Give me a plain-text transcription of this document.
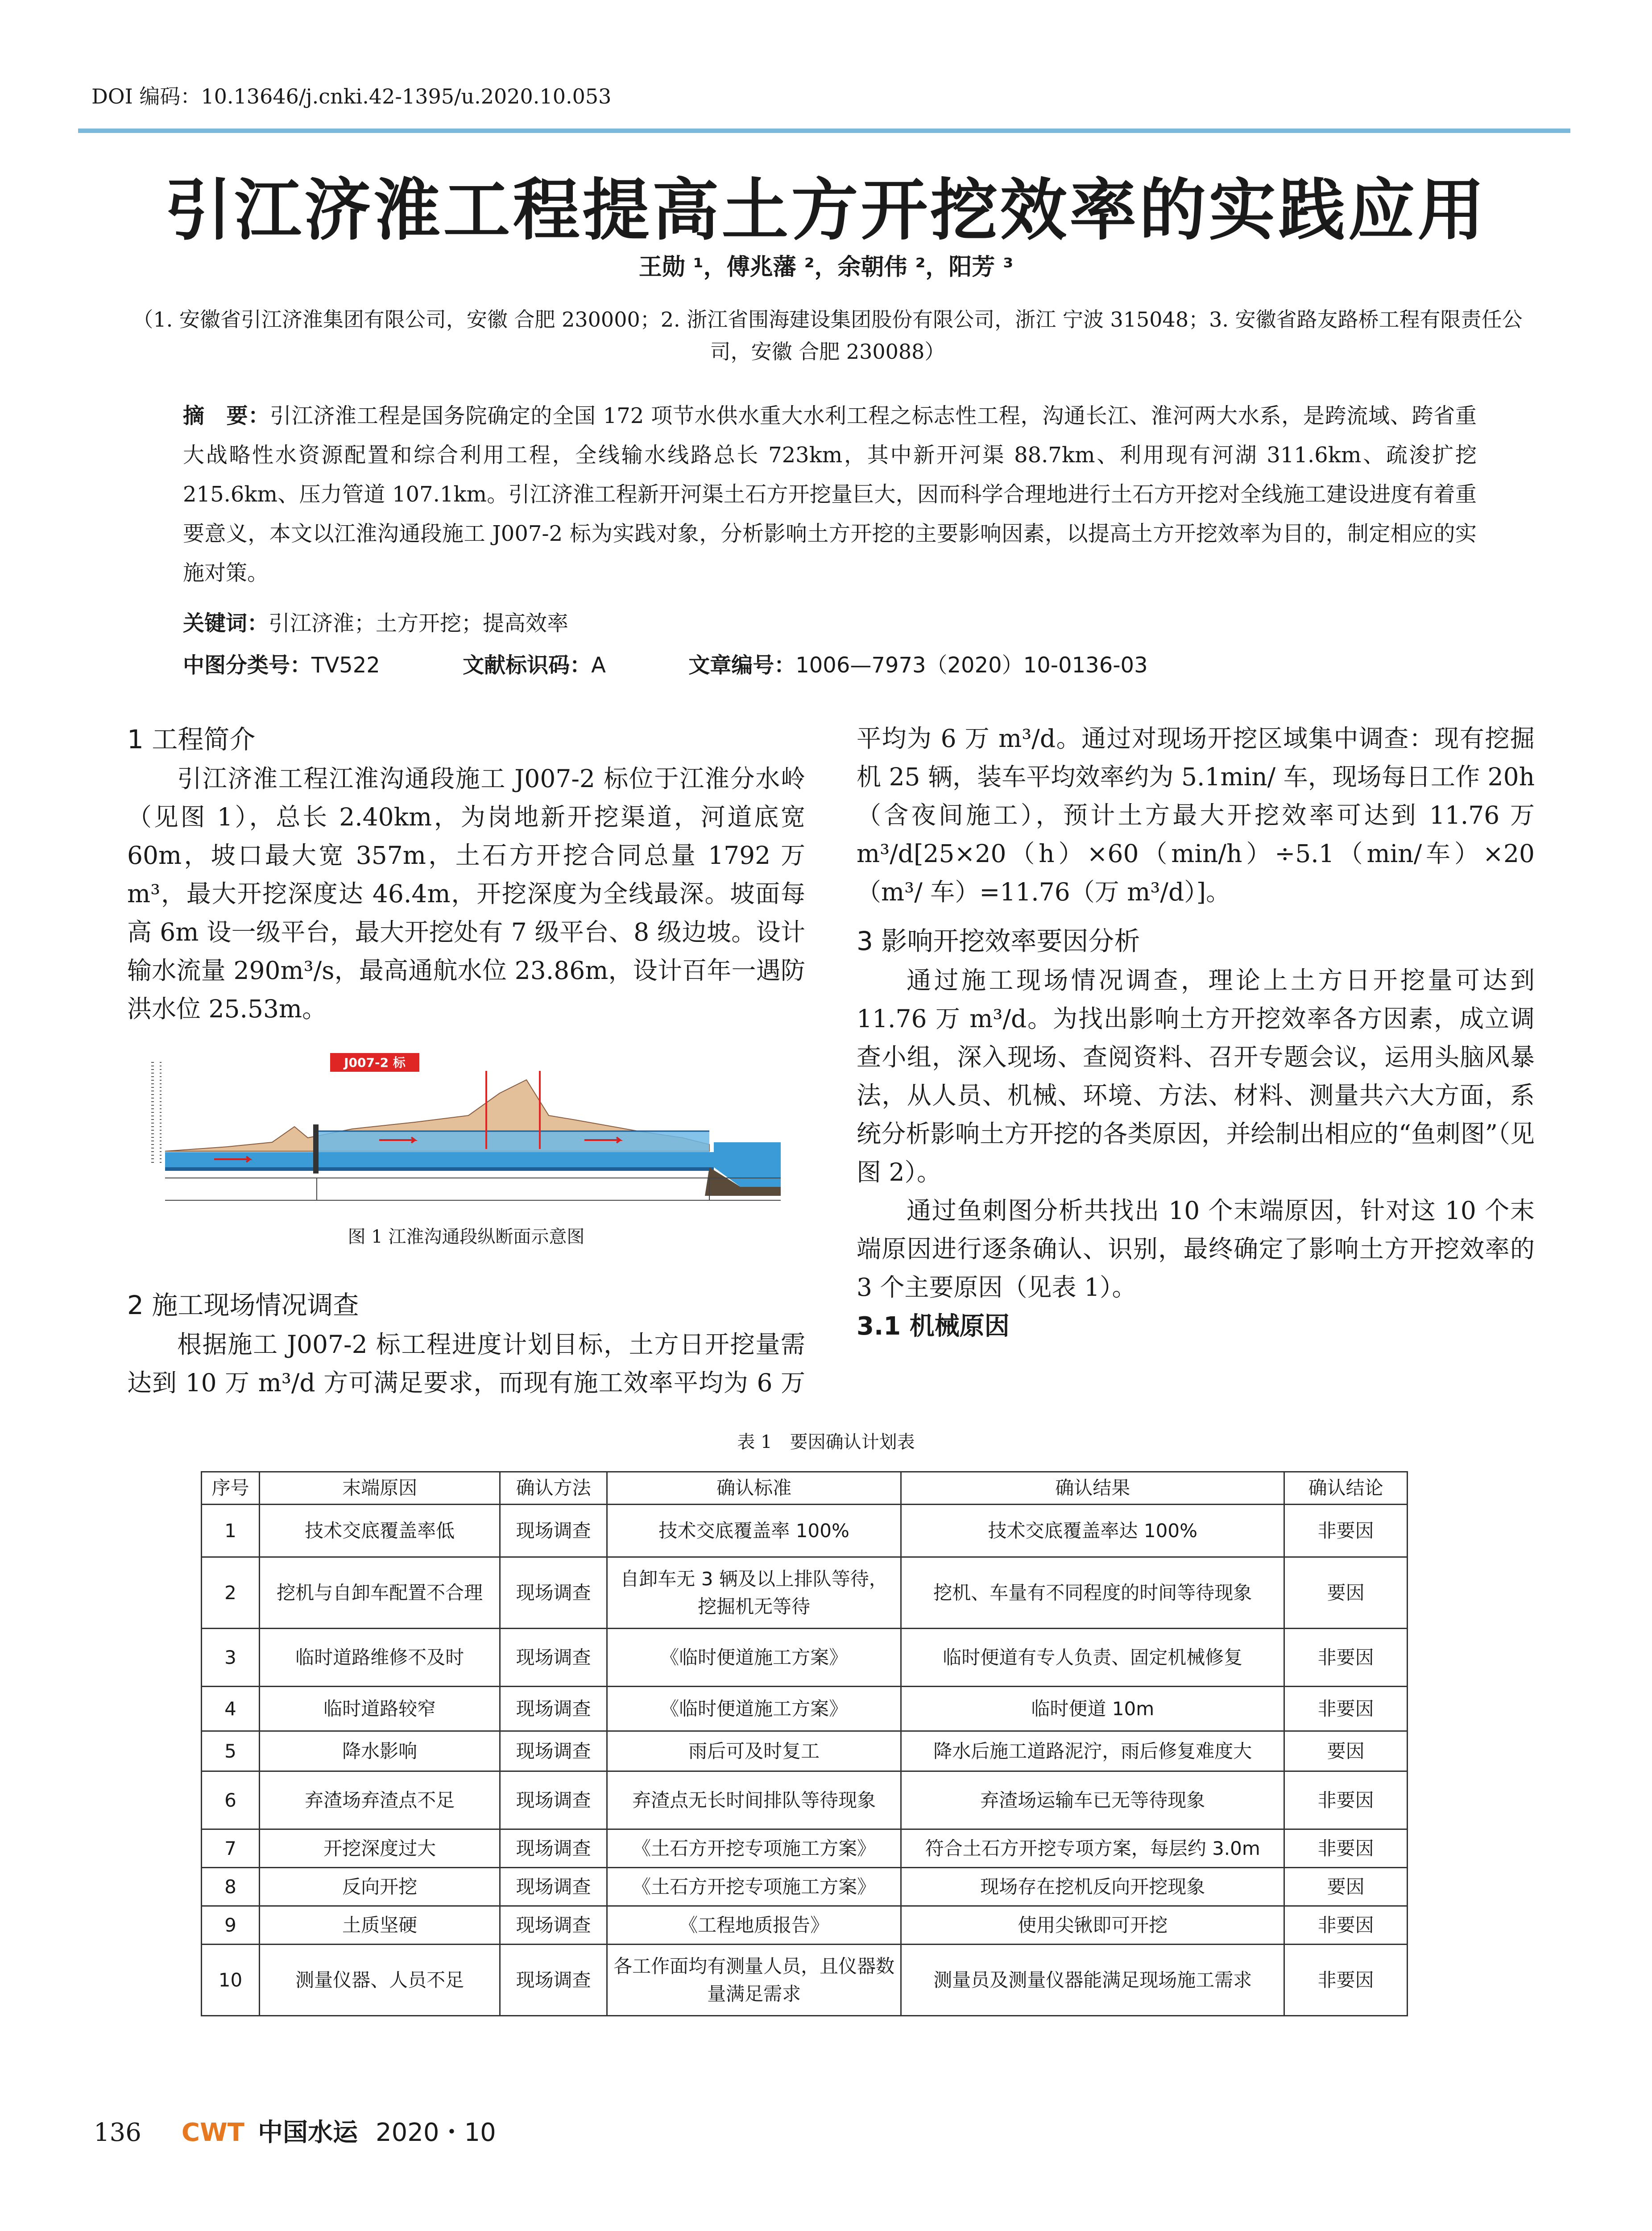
DOI 编码：10.13646/j.cnki.42-1395/u.2020.10.053
引江济淮工程提高土方开挖效率的实践应用
王勋 ¹，傅兆藩 ²，余朝伟 ²，阳芳 ³
（1. 安徽省引江济淮集团有限公司，安徽 合肥 230000；2. 浙江省围海建设集团股份有限公司，浙江 宁波 315048；3. 安徽省路友路桥工程有限责任公司，安徽 合肥 230088）
摘　要：引江济淮工程是国务院确定的全国 172 项节水供水重大水利工程之标志性工程，沟通长江、淮河两大水系，是跨流域、跨省重大战略性水资源配置和综合利用工程，全线输水线路总长 723km，其中新开河渠 88.7km、利用现有河湖 311.6km、疏浚扩挖 215.6km、压力管道 107.1km。引江济淮工程新开河渠土石方开挖量巨大，因而科学合理地进行土石方开挖对全线施工建设进度有着重要意义，本文以江淮沟通段施工 J007-2 标为实践对象，分析影响土方开挖的主要影响因素，以提高土方开挖效率为目的，制定相应的实施对策。
关键词：引江济淮；土方开挖；提高效率
中图分类号：TV522	文献标识码：A	文章编号：1006—7973（2020）10-0136-03
1 工程简介

引江济淮工程江淮沟通段施工 J007-2 标位于江淮分水岭（见图 1），总长 2.40km，为岗地新开挖渠道，河道底宽 60m，坡口最大宽 357m，土石方开挖合同总量 1792 万 m³，最大开挖深度达 46.4m，开挖深度为全线最深。坡面每高 6m 设一级平台，最大开挖处有 7 级平台、8 级边坡。设计输水流量 290m³/s，最高通航水位 23.86m，设计百年一遇防洪水位 25.53m。

J007-2 标
图 1 江淮沟通段纵断面示意图
2 施工现场情况调查

根据施工 J007-2 标工程进度计划目标，土方日开挖量需达到 10 万 m³/d 方可满足要求，而现有施工效率平均为 6 万

平均为 6 万 m³/d。通过对现场开挖区域集中调查：现有挖掘机 25 辆，装车平均效率约为 5.1min/ 车，现场每日工作 20h（含夜间施工），预计土方最大开挖效率可达到 11.76 万 m³/d[25×20（h）×60（min/h）÷5.1（min/车）×20（m³/ 车）=11.76（万 m³/d）]。

3 影响开挖效率要因分析

通过施工现场情况调查，理论上土方日开挖量可达到 11.76 万 m³/d。为找出影响土方开挖效率各方因素，成立调查小组，深入现场、查阅资料、召开专题会议，运用头脑风暴法，从人员、机械、环境、方法、材料、测量共六大方面，系统分析影响土方开挖的各类原因，并绘制出相应的“鱼刺图”（见图 2）。

通过鱼刺图分析共找出 10 个末端原因，针对这 10 个末端原因进行逐条确认、识别，最终确定了影响土方开挖效率的 3 个主要原因（见表 1）。

3.1 机械原因
表 1　要因确认计划表
序号	末端原因	确认方法	确认标准	确认结果	确认结论
1	技术交底覆盖率低	现场调查	技术交底覆盖率 100%	技术交底覆盖率达 100%	非要因
2	挖机与自卸车配置不合理	现场调查	自卸车无 3 辆及以上排队等待，挖掘机无等待	挖机、车量有不同程度的时间等待现象	要因
3	临时道路维修不及时	现场调查	《临时便道施工方案》	临时便道有专人负责、固定机械修复	非要因
4	临时道路较窄	现场调查	《临时便道施工方案》	临时便道 10m	非要因
5	降水影响	现场调查	雨后可及时复工	降水后施工道路泥泞，雨后修复难度大	要因
6	弃渣场弃渣点不足	现场调查	弃渣点无长时间排队等待现象	弃渣场运输车已无等待现象	非要因
7	开挖深度过大	现场调查	《土石方开挖专项施工方案》	符合土石方开挖专项方案，每层约 3.0m	非要因
8	反向开挖	现场调查	《土石方开挖专项施工方案》	现场存在挖机反向开挖现象	要因
9	土质坚硬	现场调查	《工程地质报告》	使用尖锹即可开挖	非要因
10	测量仪器、人员不足	现场调查	各工作面均有测量人员，且仪器数量满足需求	测量员及测量仪器能满足现场施工需求	非要因
136 CWT 中国水运 2020・10
